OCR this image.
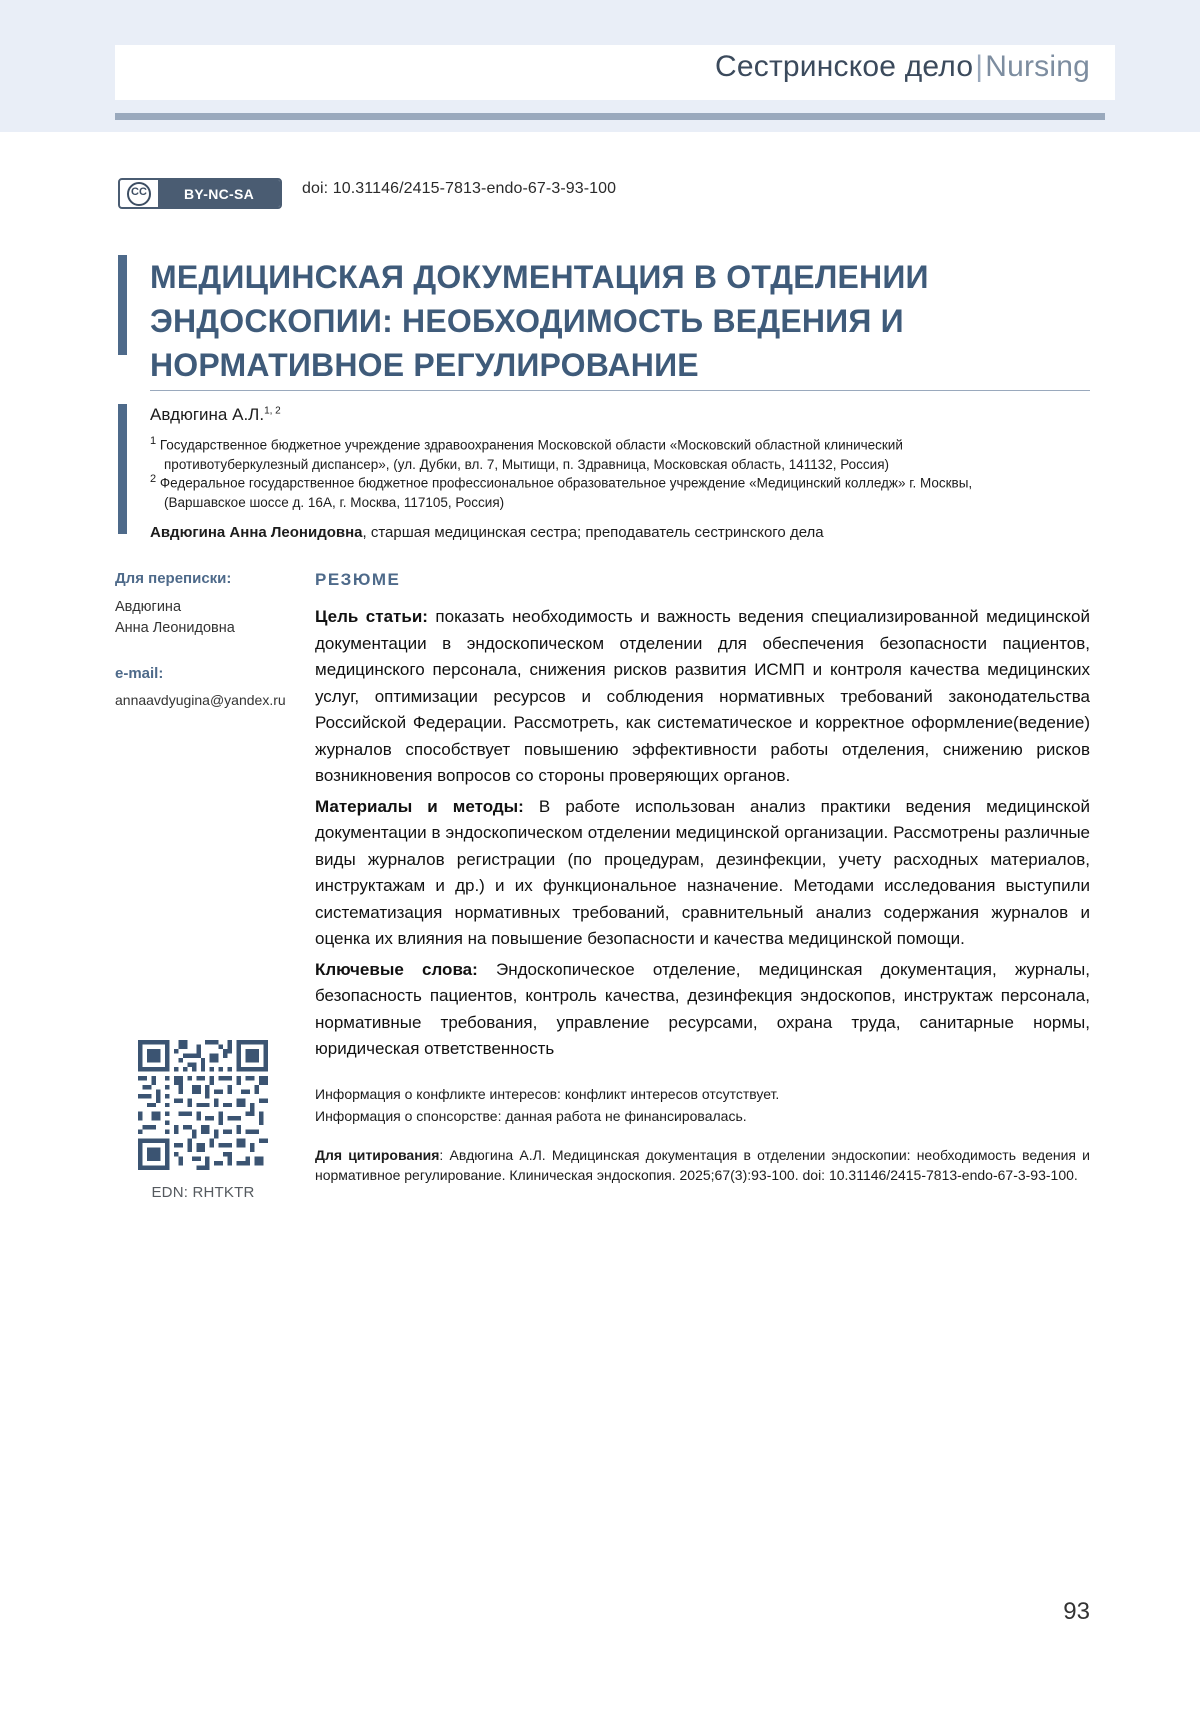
Сестринское дело|Nursing
CC	BY-NC-SA	doi: 10.31146/2415-7813-endo-67-3-93-100
МЕДИЦИНСКАЯ ДОКУМЕНТАЦИЯ В ОТДЕЛЕНИИ ЭНДОСКОПИИ: НЕОБХОДИМОСТЬ ВЕДЕНИЯ И НОРМАТИВНОЕ РЕГУЛИРОВАНИЕ
Авдюгина А.Л.$^{1, 2}$
$^1$ Государственное бюджетное учреждение здравоохранения Московской области «Московский областной клинический
противотуберкулезный диспансер», (ул. Дубки, вл. 7, Мытищи, п. Здравница, Московская область, 141132, Россия)
$^2$ Федеральное государственное бюджетное профессиональное образовательное учреждение «Медицинский колледж» г. Москвы,
(Варшавское шоссе д. 16А, г. Москва, 117105, Россия)
Авдюгина Анна Леонидовна, старшая медицинская сестра; преподаватель сестринского дела
Для переписки:
Авдюгина
Анна Леонидовна
e-mail:
annaavdyugina@yandex.ru
EDN: RHTKTR
РЕЗЮМЕ

Цель статьи: показать необходимость и важность ведения специализированной медицинской документации в эндоскопическом отделении для обеспечения безопасности пациентов, медицинского персонала, снижения рисков развития ИСМП и контроля качества медицинских услуг, оптимизации ресурсов и соблюдения нормативных требований законодательства Российской Федерации. Рассмотреть, как систематическое и корректное оформление(ведение) журналов способствует повышению эффективности работы отделения, снижению рисков возникновения вопросов со стороны проверяющих органов.

Материалы и методы: В работе использован анализ практики ведения медицинской документации в эндоскопическом отделении медицинской организации. Рассмотрены различные виды журналов регистрации (по процедурам, дезинфекции, учету расходных материалов, инструктажам и др.) и их функциональное назначение. Методами исследования выступили систематизация нормативных требований, сравнительный анализ содержания журналов и оценка их влияния на повышение безопасности и качества медицинской помощи.

Ключевые слова: Эндоскопическое отделение, медицинская документация, журналы, безопасность пациентов, контроль качества, дезинфекция эндоскопов, инструктаж персонала, нормативные требования, управление ресурсами, охрана труда, санитарные нормы, юридическая ответственность

Информация о конфликте интересов: конфликт интересов отсутствует.
Информация о спонсорстве: данная работа не финансировалась.
Для цитирования: Авдюгина А.Л. Медицинская документация в отделении эндоскопии: необходимость ведения и нормативное регулирование. Клиническая эндоскопия. 2025;67(3):93-100. doi: 10.31146/2415-7813-endo-67-3-93-100.
93
